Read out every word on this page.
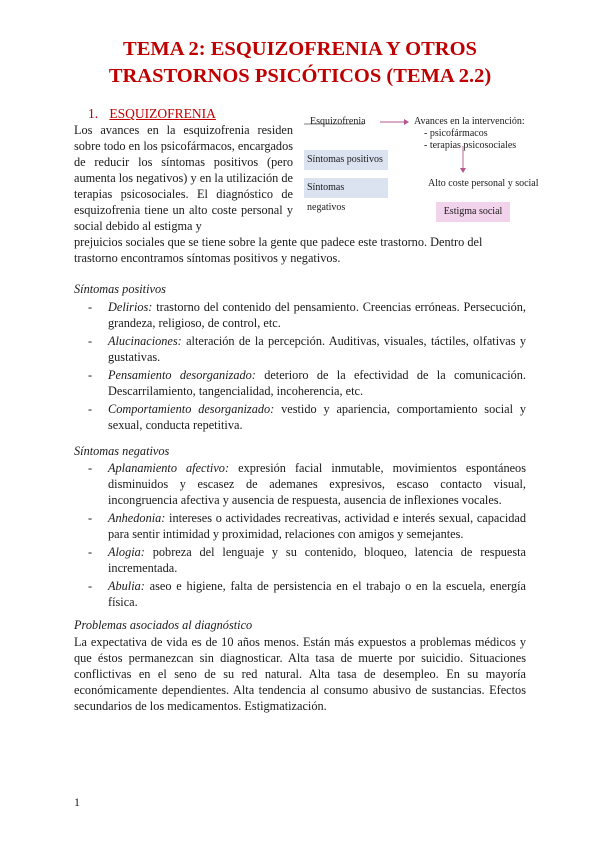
TEMA 2: ESQUIZOFRENIA Y OTROS
TRASTORNOS PSICÓTICOS (TEMA 2.2)
1. ESQUIZOFRENIA

Los avances en la esquizofrenia residen sobre todo en los psicofármacos, encargados de reducir los síntomas positivos (pero aumenta los negativos) y en la utilización de terapias psicosociales. El diagnóstico de esquizofrenia tiene un alto coste personal y social debido al estigma y

prejuicios sociales que se tiene sobre la gente que padece este trastorno. Dentro del trastorno encontramos síntomas positivos y negativos.

Esquizofrenia	Avances en la intervención:
- psicofármacos
- terapias psicosociales
Síntomas positivos
Síntomas negativos
Alto coste personal y social
Estigma social
Síntomas positivos
- Delirios: trastorno del contenido del pensamiento. Creencias erróneas. Persecución, grandeza, religioso, de control, etc.
- Alucinaciones: alteración de la percepción. Auditivas, visuales, táctiles, olfativas y gustativas.
- Pensamiento desorganizado: deterioro de la efectividad de la comunicación. Descarrilamiento, tangencialidad, incoherencia, etc.
- Comportamiento desorganizado: vestido y apariencia, comportamiento social y sexual, conducta repetitiva.
Síntomas negativos
- Aplanamiento afectivo: expresión facial inmutable, movimientos espontáneos disminuidos y escasez de ademanes expresivos, escaso contacto visual, incongruencia afectiva y ausencia de respuesta, ausencia de inflexiones vocales.
- Anhedonia: intereses o actividades recreativas, actividad e interés sexual, capacidad para sentir intimidad y proximidad, relaciones con amigos y semejantes.
- Alogia: pobreza del lenguaje y su contenido, bloqueo, latencia de respuesta incrementada.
- Abulia: aseo e higiene, falta de persistencia en el trabajo o en la escuela, energía física.
Problemas asociados al diagnóstico

La expectativa de vida es de 10 años menos. Están más expuestos a problemas médicos y que éstos permanezcan sin diagnosticar. Alta tasa de muerte por suicidio. Situaciones conflictivas en el seno de su red natural. Alta tasa de desempleo. En su mayoría económicamente dependientes. Alta tendencia al consumo abusivo de sustancias. Efectos secundarios de los medicamentos. Estigmatización.

1
